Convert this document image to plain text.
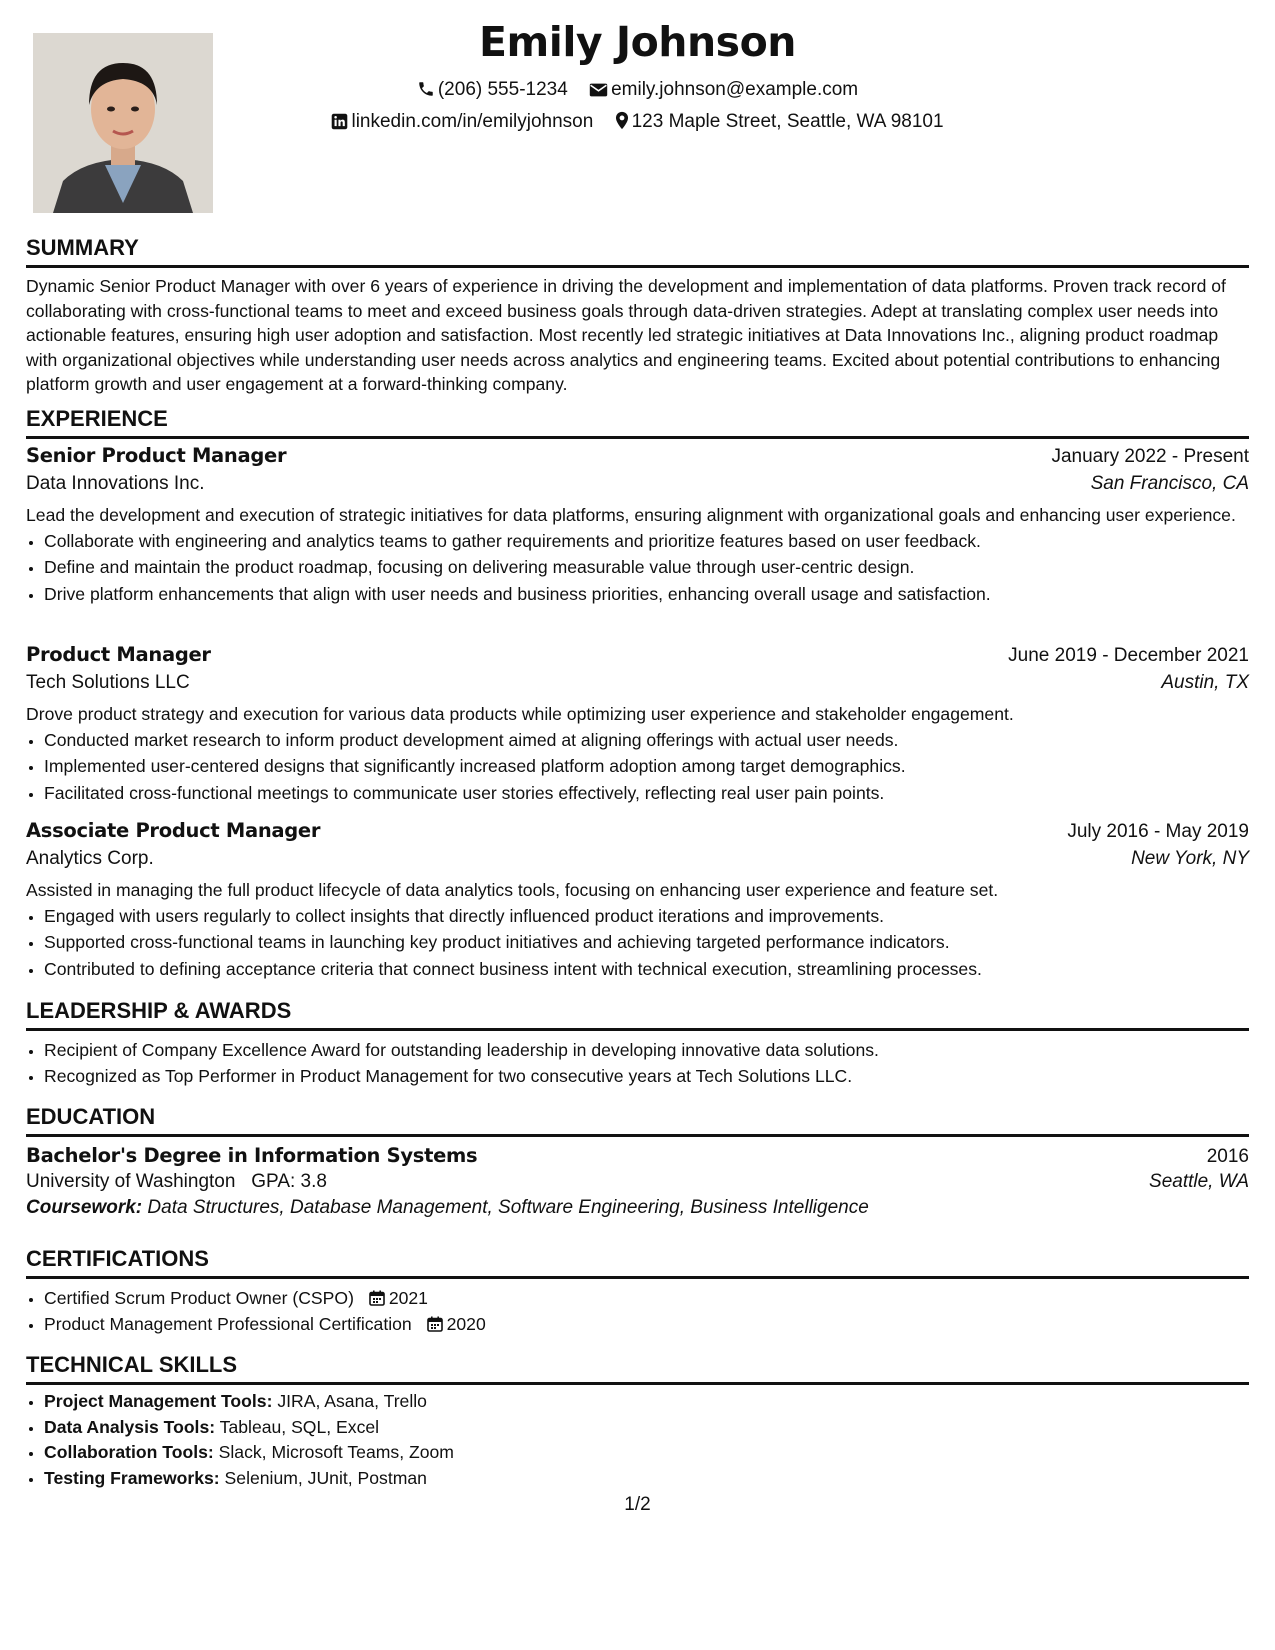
Emily Johnson
(206) 555-1234 emily.johnson@example.com
linkedin.com/in/emilyjohnson 123 Maple Street, Seattle, WA 98101
SUMMARY

Dynamic Senior Product Manager with over 6 years of experience in driving the development and implementation of data platforms. Proven track record of collaborating with cross-functional teams to meet and exceed business goals through data-driven strategies. Adept at translating complex user needs into actionable features, ensuring high user adoption and satisfaction. Most recently led strategic initiatives at Data Innovations Inc., aligning product roadmap with organizational objectives while understanding user needs across analytics and engineering teams. Excited about potential contributions to enhancing platform growth and user engagement at a forward-thinking company.

EXPERIENCE
Senior Product Manager	January 2022 - Present
Data Innovations Inc.	San Francisco, CA

Lead the development and execution of strategic initiatives for data platforms, ensuring alignment with organizational goals and enhancing user experience.

• Collaborate with engineering and analytics teams to gather requirements and prioritize features based on user feedback.
• Define and maintain the product roadmap, focusing on delivering measurable value through user-centric design.
• Drive platform enhancements that align with user needs and business priorities, enhancing overall usage and satisfaction.
Product Manager	June 2019 - December 2021
Tech Solutions LLC	Austin, TX

Drove product strategy and execution for various data products while optimizing user experience and stakeholder engagement.

• Conducted market research to inform product development aimed at aligning offerings with actual user needs.
• Implemented user-centered designs that significantly increased platform adoption among target demographics.
• Facilitated cross-functional meetings to communicate user stories effectively, reflecting real user pain points.
Associate Product Manager	July 2016 - May 2019
Analytics Corp.	New York, NY

Assisted in managing the full product lifecycle of data analytics tools, focusing on enhancing user experience and feature set.

• Engaged with users regularly to collect insights that directly influenced product iterations and improvements.
• Supported cross-functional teams in launching key product initiatives and achieving targeted performance indicators.
• Contributed to defining acceptance criteria that connect business intent with technical execution, streamlining processes.
LEADERSHIP & AWARDS
• Recipient of Company Excellence Award for outstanding leadership in developing innovative data solutions.
• Recognized as Top Performer in Product Management for two consecutive years at Tech Solutions LLC.
EDUCATION
Bachelor's Degree in Information Systems	2016
University of Washington GPA: 3.8	Seattle, WA
Coursework: Data Structures, Database Management, Software Engineering, Business Intelligence
CERTIFICATIONS
• Certified Scrum Product Owner (CSPO) 2021
• Product Management Professional Certification 2020
TECHNICAL SKILLS
• Project Management Tools: JIRA, Asana, Trello
• Data Analysis Tools: Tableau, SQL, Excel
• Collaboration Tools: Slack, Microsoft Teams, Zoom
• Testing Frameworks: Selenium, JUnit, Postman
1/2
